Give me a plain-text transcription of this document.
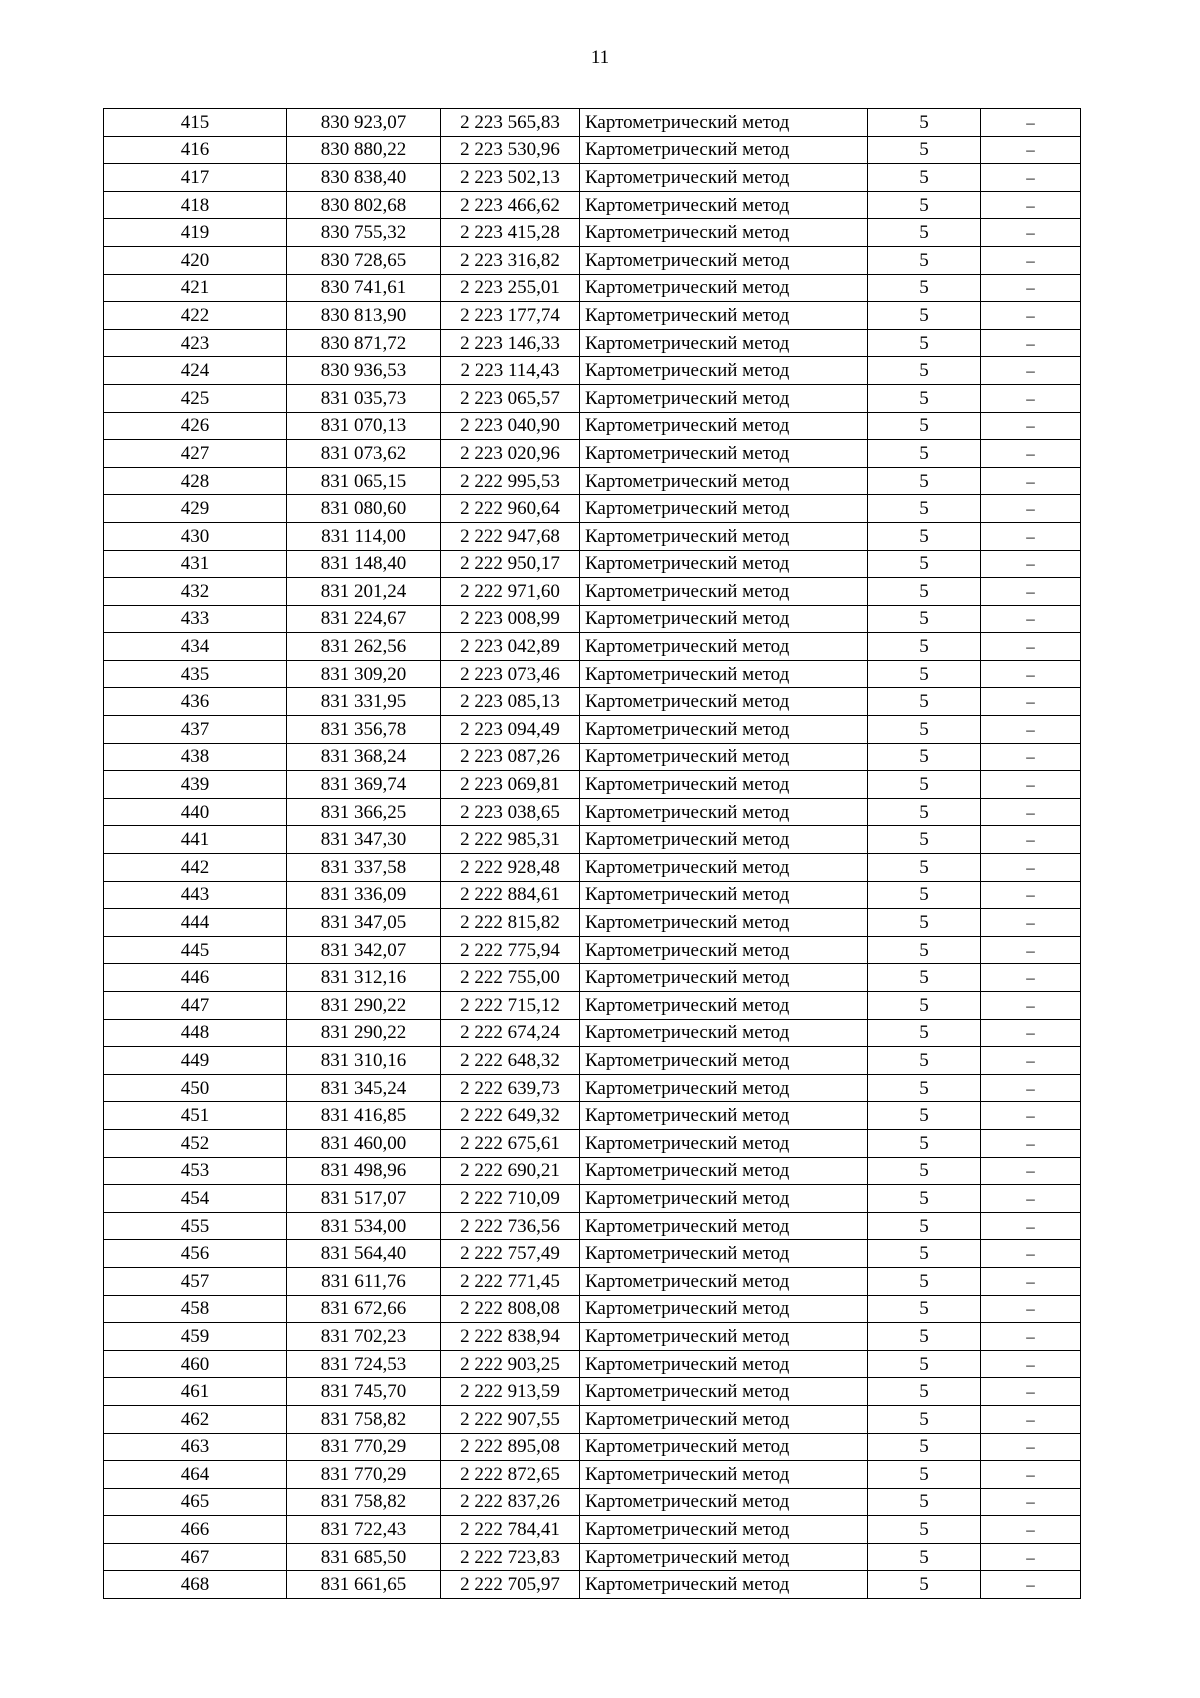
11
415	830 923,07	2 223 565,83	Картометрический метод	5	–
416	830 880,22	2 223 530,96	Картометрический метод	5	–
417	830 838,40	2 223 502,13	Картометрический метод	5	–
418	830 802,68	2 223 466,62	Картометрический метод	5	–
419	830 755,32	2 223 415,28	Картометрический метод	5	–
420	830 728,65	2 223 316,82	Картометрический метод	5	–
421	830 741,61	2 223 255,01	Картометрический метод	5	–
422	830 813,90	2 223 177,74	Картометрический метод	5	–
423	830 871,72	2 223 146,33	Картометрический метод	5	–
424	830 936,53	2 223 114,43	Картометрический метод	5	–
425	831 035,73	2 223 065,57	Картометрический метод	5	–
426	831 070,13	2 223 040,90	Картометрический метод	5	–
427	831 073,62	2 223 020,96	Картометрический метод	5	–
428	831 065,15	2 222 995,53	Картометрический метод	5	–
429	831 080,60	2 222 960,64	Картометрический метод	5	–
430	831 114,00	2 222 947,68	Картометрический метод	5	–
431	831 148,40	2 222 950,17	Картометрический метод	5	–
432	831 201,24	2 222 971,60	Картометрический метод	5	–
433	831 224,67	2 223 008,99	Картометрический метод	5	–
434	831 262,56	2 223 042,89	Картометрический метод	5	–
435	831 309,20	2 223 073,46	Картометрический метод	5	–
436	831 331,95	2 223 085,13	Картометрический метод	5	–
437	831 356,78	2 223 094,49	Картометрический метод	5	–
438	831 368,24	2 223 087,26	Картометрический метод	5	–
439	831 369,74	2 223 069,81	Картометрический метод	5	–
440	831 366,25	2 223 038,65	Картометрический метод	5	–
441	831 347,30	2 222 985,31	Картометрический метод	5	–
442	831 337,58	2 222 928,48	Картометрический метод	5	–
443	831 336,09	2 222 884,61	Картометрический метод	5	–
444	831 347,05	2 222 815,82	Картометрический метод	5	–
445	831 342,07	2 222 775,94	Картометрический метод	5	–
446	831 312,16	2 222 755,00	Картометрический метод	5	–
447	831 290,22	2 222 715,12	Картометрический метод	5	–
448	831 290,22	2 222 674,24	Картометрический метод	5	–
449	831 310,16	2 222 648,32	Картометрический метод	5	–
450	831 345,24	2 222 639,73	Картометрический метод	5	–
451	831 416,85	2 222 649,32	Картометрический метод	5	–
452	831 460,00	2 222 675,61	Картометрический метод	5	–
453	831 498,96	2 222 690,21	Картометрический метод	5	–
454	831 517,07	2 222 710,09	Картометрический метод	5	–
455	831 534,00	2 222 736,56	Картометрический метод	5	–
456	831 564,40	2 222 757,49	Картометрический метод	5	–
457	831 611,76	2 222 771,45	Картометрический метод	5	–
458	831 672,66	2 222 808,08	Картометрический метод	5	–
459	831 702,23	2 222 838,94	Картометрический метод	5	–
460	831 724,53	2 222 903,25	Картометрический метод	5	–
461	831 745,70	2 222 913,59	Картометрический метод	5	–
462	831 758,82	2 222 907,55	Картометрический метод	5	–
463	831 770,29	2 222 895,08	Картометрический метод	5	–
464	831 770,29	2 222 872,65	Картометрический метод	5	–
465	831 758,82	2 222 837,26	Картометрический метод	5	–
466	831 722,43	2 222 784,41	Картометрический метод	5	–
467	831 685,50	2 222 723,83	Картометрический метод	5	–
468	831 661,65	2 222 705,97	Картометрический метод	5	–
